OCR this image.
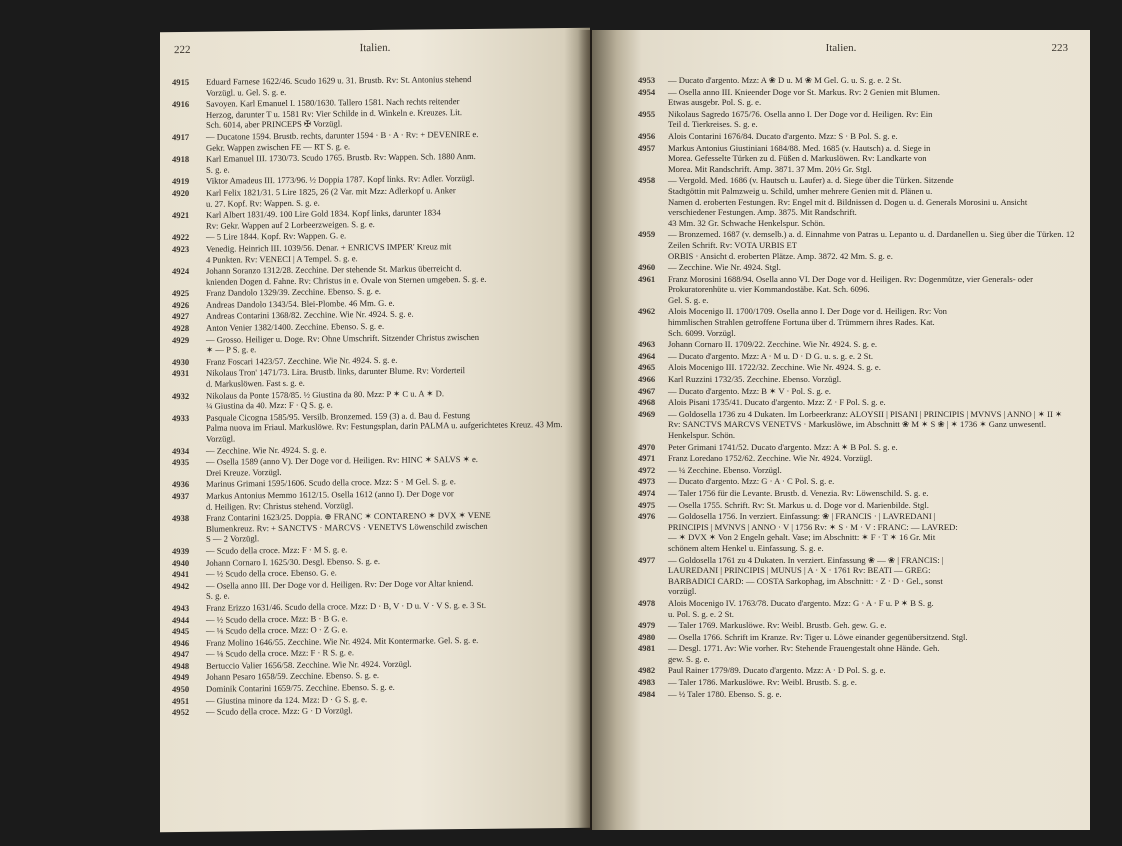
222	Italien.
4915	Eduard Farnese 1622/46. Scudo 1629 u. 31. Brustb. Rv: St. Antonius stehend
Vorzügl. u. Gel. S. g. e.
4916	Savoyen. Karl Emanuel I. 1580/1630. Tallero 1581. Nach rechts reitender
Herzog, darunter T u. 1581 Rv: Vier Schilde in d. Winkeln e. Kreuzes. Lit.
Sch. 6014, aber PRINCEPS ✠ Vorzügl.
4917	— Ducatone 1594. Brustb. rechts, darunter 1594 · B · A · Rv: + DEVENIRE e.
Gekr. Wappen zwischen FE — RT S. g. e.
4918	Karl Emanuel III. 1730/73. Scudo 1765. Brustb. Rv: Wappen. Sch. 1880 Anm.
S. g. e.
4919	Viktor Amadeus III. 1773/96. ½ Doppia 1787. Kopf links. Rv: Adler. Vorzügl.
4920	Karl Felix 1821/31. 5 Lire 1825, 26 (2 Var. mit Mzz: Adlerkopf u. Anker
u. 27. Kopf. Rv: Wappen. S. g. e.
4921	Karl Albert 1831/49. 100 Lire Gold 1834. Kopf links, darunter 1834
Rv: Gekr. Wappen auf 2 Lorbeerzweigen. S. g. e.
4922	— 5 Lire 1844. Kopf. Rv: Wappen. G. e.
4923	Venedig. Heinrich III. 1039/56. Denar. + ENRICVS IMPER' Kreuz mit
4 Punkten. Rv: VENECI | A Tempel. S. g. e.
4924	Johann Soranzo 1312/28. Zecchine. Der stehende St. Markus überreicht d.
knienden Dogen d. Fahne. Rv: Christus in e. Ovale von Sternen umgeben. S. g. e.
4925	Franz Dandolo 1329/39. Zecchine. Ebenso. S. g. e.
4926	Andreas Dandolo 1343/54. Blei-Plombe. 46 Mm. G. e.
4927	Andreas Contarini 1368/82. Zecchine. Wie Nr. 4924. S. g. e.
4928	Anton Venier 1382/1400. Zecchine. Ebenso. S. g. e.
4929	— Grosso. Heiliger u. Doge. Rv: Ohne Umschrift. Sitzender Christus zwischen
✶ — P S. g. e.
4930	Franz Foscari 1423/57. Zecchine. Wie Nr. 4924. S. g. e.
4931	Nikolaus Tron' 1471/73. Lira. Brustb. links, darunter Blume. Rv: Vorderteil
d. Markuslöwen. Fast s. g. e.
4932	Nikolaus da Ponte 1578/85. ½ Giustina da 80. Mzz: P ✶ C u. A ✶ D.
¼ Giustina da 40. Mzz: F · Q S. g. e.
4933	Pasquale Cicogna 1585/95. Versilb. Bronzemed. 159 (3) a. d. Bau d. Festung
Palma nuova im Friaul. Markuslöwe. Rv: Festungsplan, darin PALMA u. aufgerichtetes Kreuz. 43 Mm. Vorzügl.
4934	— Zecchine. Wie Nr. 4924. S. g. e.
4935	— Osella 1589 (anno V). Der Doge vor d. Heiligen. Rv: HINC ✶ SALVS ✶ e.
Drei Kreuze. Vorzügl.
4936	Marinus Grimani 1595/1606. Scudo della croce. Mzz: S · M Gel. S. g. e.
4937	Markus Antonius Memmo 1612/15. Osella 1612 (anno I). Der Doge vor
d. Heiligen. Rv: Christus stehend. Vorzügl.
4938	Franz Contarini 1623/25. Doppia. ⊕ FRANC ✶ CONTARENO ✶ DVX ✶ VENE
Blumenkreuz. Rv: + SANCTVS · MARCVS · VENETVS Löwenschild zwischen
S — 2 Vorzügl.
4939	— Scudo della croce. Mzz: F · M S. g. e.
4940	Johann Cornaro I. 1625/30. Desgl. Ebenso. S. g. e.
4941	— ½ Scudo della croce. Ebenso. G. e.
4942	— Osella anno III. Der Doge vor d. Heiligen. Rv: Der Doge vor Altar kniend.
S. g. e.
4943	Franz Erizzo 1631/46. Scudo della croce. Mzz: D · B, V · D u. V · V S. g. e. 3 St.
4944	— ½ Scudo della croce. Mzz: B · B G. e.
4945	— ⅛ Scudo della croce. Mzz: O · Z G. e.
4946	Franz Molino 1646/55. Zecchine. Wie Nr. 4924. Mit Kontermarke. Gel. S. g. e.
4947	— ⅛ Scudo della croce. Mzz: F · R S. g. e.
4948	Bertuccio Valier 1656/58. Zecchine. Wie Nr. 4924. Vorzügl.
4949	Johann Pesaro 1658/59. Zecchine. Ebenso. S. g. e.
4950	Dominik Contarini 1659/75. Zecchine. Ebenso. S. g. e.
4951	— Giustina minore da 124. Mzz: D · G S. g. e.
4952	— Scudo della croce. Mzz: G · D Vorzügl.
Italien.	223
4953	— Ducato d'argento. Mzz: A ❀ D u. M ❀ M Gel. G. u. S. g. e. 2 St.
4954	— Osella anno III. Knieender Doge vor St. Markus. Rv: 2 Genien mit Blumen.
Etwas ausgebr. Pol. S. g. e.
4955	Nikolaus Sagredo 1675/76. Osella anno I. Der Doge vor d. Heiligen. Rv: Ein
Teil d. Tierkreises. S. g. e.
4956	Alois Contarini 1676/84. Ducato d'argento. Mzz: S · B Pol. S. g. e.
4957	Markus Antonius Giustiniani 1684/88. Med. 1685 (v. Hautsch) a. d. Siege in
Morea. Gefesselte Türken zu d. Füßen d. Markuslöwen. Rv: Landkarte von
Morea. Mit Randschrift. Amp. 3871. 37 Mm. 20½ Gr. Stgl.
4958	— Vergold. Med. 1686 (v. Hautsch u. Laufer) a. d. Siege über die Türken. Sitzende
Stadtgöttin mit Palmzweig u. Schild, umher mehrere Genien mit d. Plänen u.
Namen d. eroberten Festungen. Rv: Engel mit d. Bildnissen d. Dogen u. d. Generals Morosini u. Ansicht verschiedener Festungen. Amp. 3875. Mit Randschrift.
43 Mm. 32 Gr. Schwache Henkelspur. Schön.
4959	— Bronzemed. 1687 (v. demselb.) a. d. Einnahme von Patras u. Lepanto u. d. Dardanellen u. Sieg über die Türken. 12 Zeilen Schrift. Rv: VOTA URBIS ET
ORBIS · Ansicht d. eroberten Plätze. Amp. 3872. 42 Mm. S. g. e.
4960	— Zecchine. Wie Nr. 4924. Stgl.
4961	Franz Morosini 1688/94. Osella anno VI. Der Doge vor d. Heiligen. Rv: Dogenmütze, vier Generals- oder Prokuratorenhüte u. vier Kommandostäbe. Kat. Sch. 6096.
Gel. S. g. e.
4962	Alois Mocenigo II. 1700/1709. Osella anno I. Der Doge vor d. Heiligen. Rv: Von
himmlischen Strahlen getroffene Fortuna über d. Trümmern ihres Rades. Kat.
Sch. 6099. Vorzügl.
4963	Johann Cornaro II. 1709/22. Zecchine. Wie Nr. 4924. S. g. e.
4964	— Ducato d'argento. Mzz: A · M u. D · D G. u. s. g. e. 2 St.
4965	Alois Mocenigo III. 1722/32. Zecchine. Wie Nr. 4924. S. g. e.
4966	Karl Ruzzini 1732/35. Zecchine. Ebenso. Vorzügl.
4967	— Ducato d'argento. Mzz: B ✶ V · Pol. S. g. e.
4968	Alois Pisani 1735/41. Ducato d'argento. Mzz: Z · F Pol. S. g. e.
4969	— Goldosella 1736 zu 4 Dukaten. Im Lorbeerkranz: ALOYSII | PISANI | PRINCIPIS | MVNVS | ANNO | ✶ II ✶ Rv: SANCTVS MARCVS VENETVS · Markuslöwe, im Abschnitt ❀ M ✶ S ❀ | ✶ 1736 ✶ Ganz unwesentl. Henkelspur. Schön.
4970	Peter Grimani 1741/52. Ducato d'argento. Mzz: A ✶ B Pol. S. g. e.
4971	Franz Loredano 1752/62. Zecchine. Wie Nr. 4924. Vorzügl.
4972	— ¼ Zecchine. Ebenso. Vorzügl.
4973	— Ducato d'argento. Mzz: G · A · C Pol. S. g. e.
4974	— Taler 1756 für die Levante. Brustb. d. Venezia. Rv: Löwenschild. S. g. e.
4975	— Osella 1755. Schrift. Rv: St. Markus u. d. Doge vor d. Marienbilde. Stgl.
4976	— Goldosella 1756. In verziert. Einfassung: ❀ | FRANCIS · | LAVREDANI |
PRINCIPIS | MVNVS | ANNO · V | 1756 Rv: ✶ S · M · V : FRANC: — LAVRED:
— ✶ DVX ✶ Von 2 Engeln gehalt. Vase; im Abschnitt: ✶ F · T ✶ 16 Gr. Mit
schönem altem Henkel u. Einfassung. S. g. e.
4977	— Goldosella 1761 zu 4 Dukaten. In verziert. Einfassung ❀ — ❀ | FRANCIS: |
LAUREDANI | PRINCIPIS | MUNUS | A · X · 1761 Rv: BEATI — GREG:
BARBADICI CARD: — COSTA Sarkophag, im Abschnitt: · Z · D · Gel., sonst
vorzügl.
4978	Alois Mocenigo IV. 1763/78. Ducato d'argento. Mzz: G · A · F u. P ✶ B S. g.
u. Pol. S. g. e. 2 St.
4979	— Taler 1769. Markuslöwe. Rv: Weibl. Brustb. Geh. gew. G. e.
4980	— Osella 1766. Schrift im Kranze. Rv: Tiger u. Löwe einander gegenübersitzend. Stgl.
4981	— Desgl. 1771. Av: Wie vorher. Rv: Stehende Frauengestalt ohne Hände. Geh.
gew. S. g. e.
4982	Paul Rainer 1779/89. Ducato d'argento. Mzz: A · D Pol. S. g. e.
4983	— Taler 1786. Markuslöwe. Rv: Weibl. Brustb. S. g. e.
4984	— ½ Taler 1780. Ebenso. S. g. e.
